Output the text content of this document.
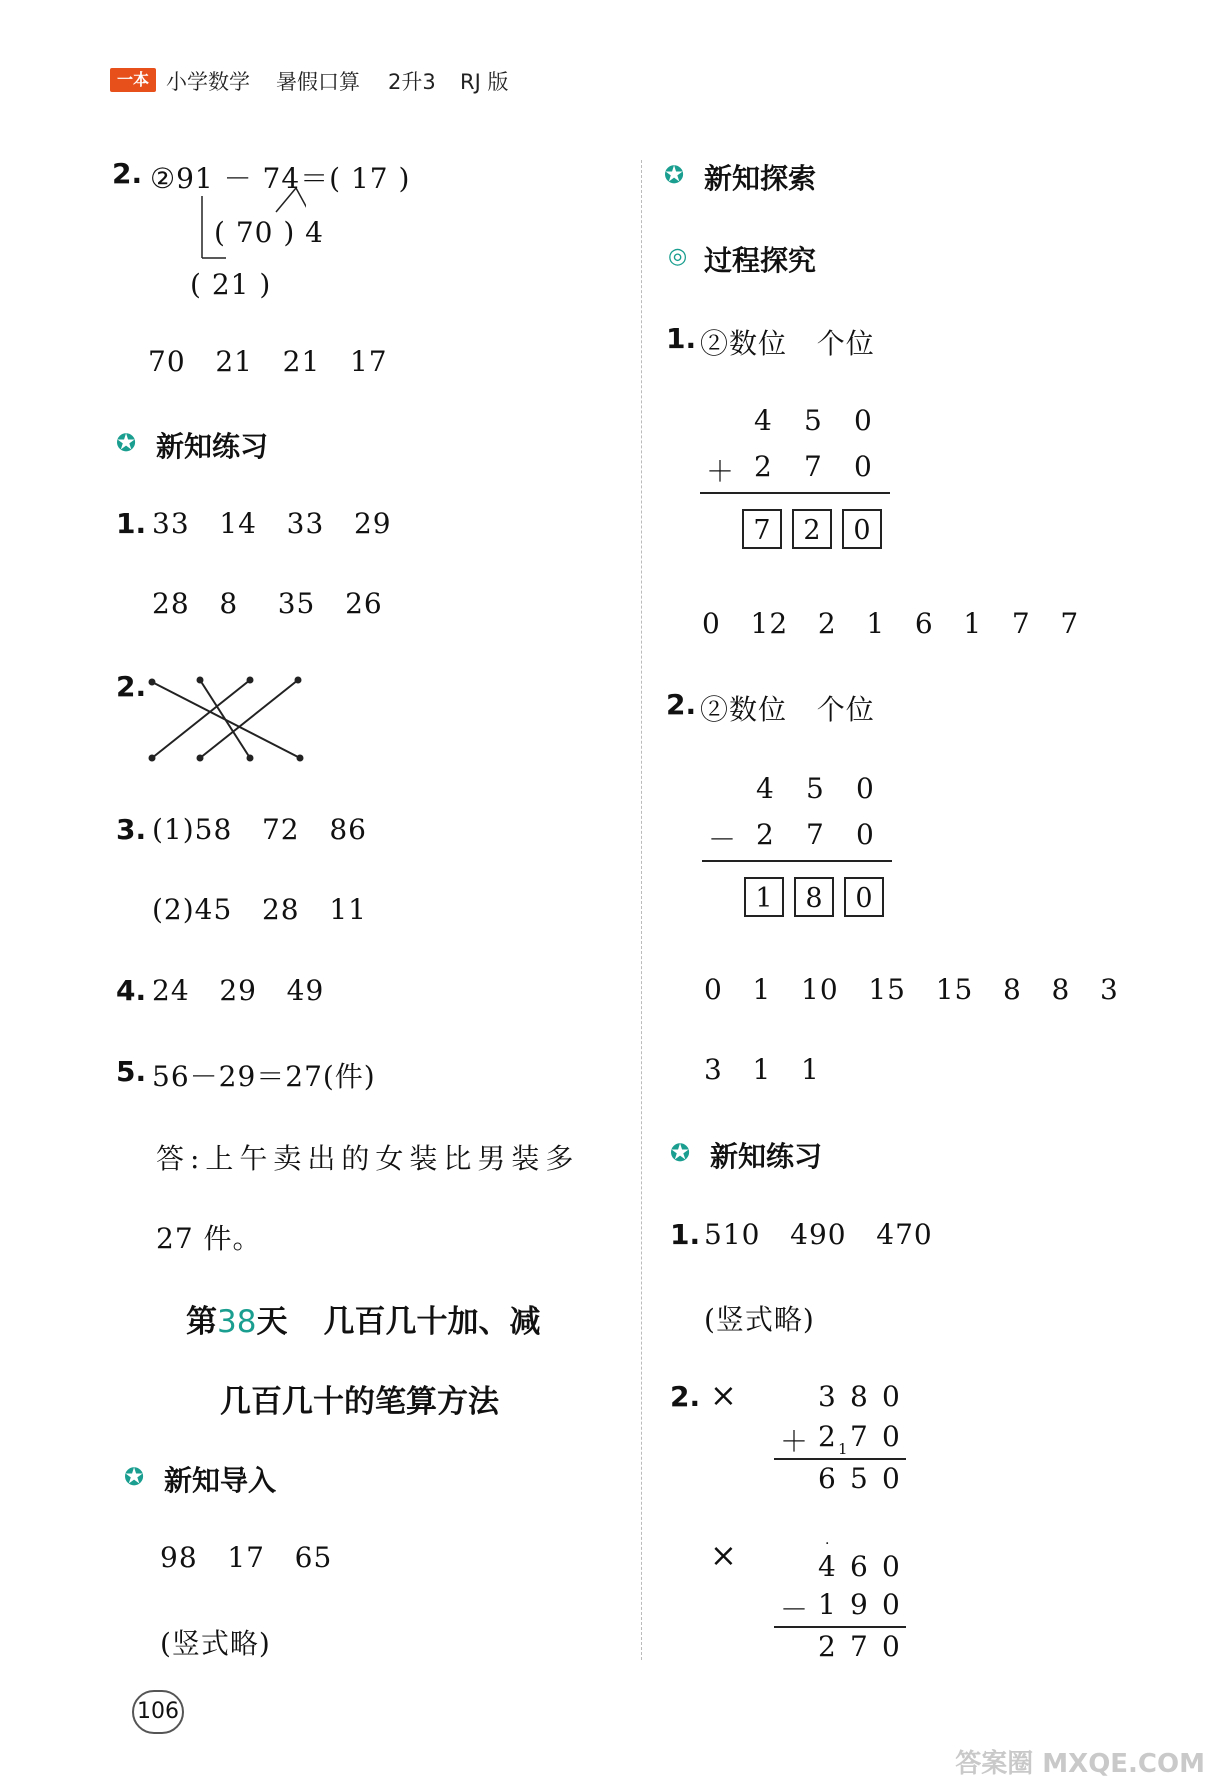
一本 小学数学 暑假口算 2升3 RJ 版
2. ②91 － 74＝( 17 )
( 70 ) 4
( 21 )
70   21   21   17
✪ 新知练习
1. 33   14   33   29
28   8    35   26
2.
3. (1)58   72   86
(2)45   28   11
4. 24   29   49
5. 56－29＝27(件)
答:上午卖出的女装比男装多
27 件。
第38天 几百几十加、减
几百几十的笔算方法
✪ 新知导入
98   17   65
(竖式略)
✪ 新知探索
◎ 过程探究
1. ②数位   个位
4 5 0
＋ 2 7 0
7	2	0
0   12   2   1   6   1   7   7
2. ②数位   个位
4 5 0
－ 2 7 0
1	8	0
0   1   10   15   15   8   8   3
3   1   1
✪ 新知练习
1. 510   490   470
(竖式略)
2. ×	3 8 0
＋ 2 1 7 0
6 5 0
×	·
4 6 0
－ 1 9 0
2 7 0
106
答案圈 MXQE.COM
